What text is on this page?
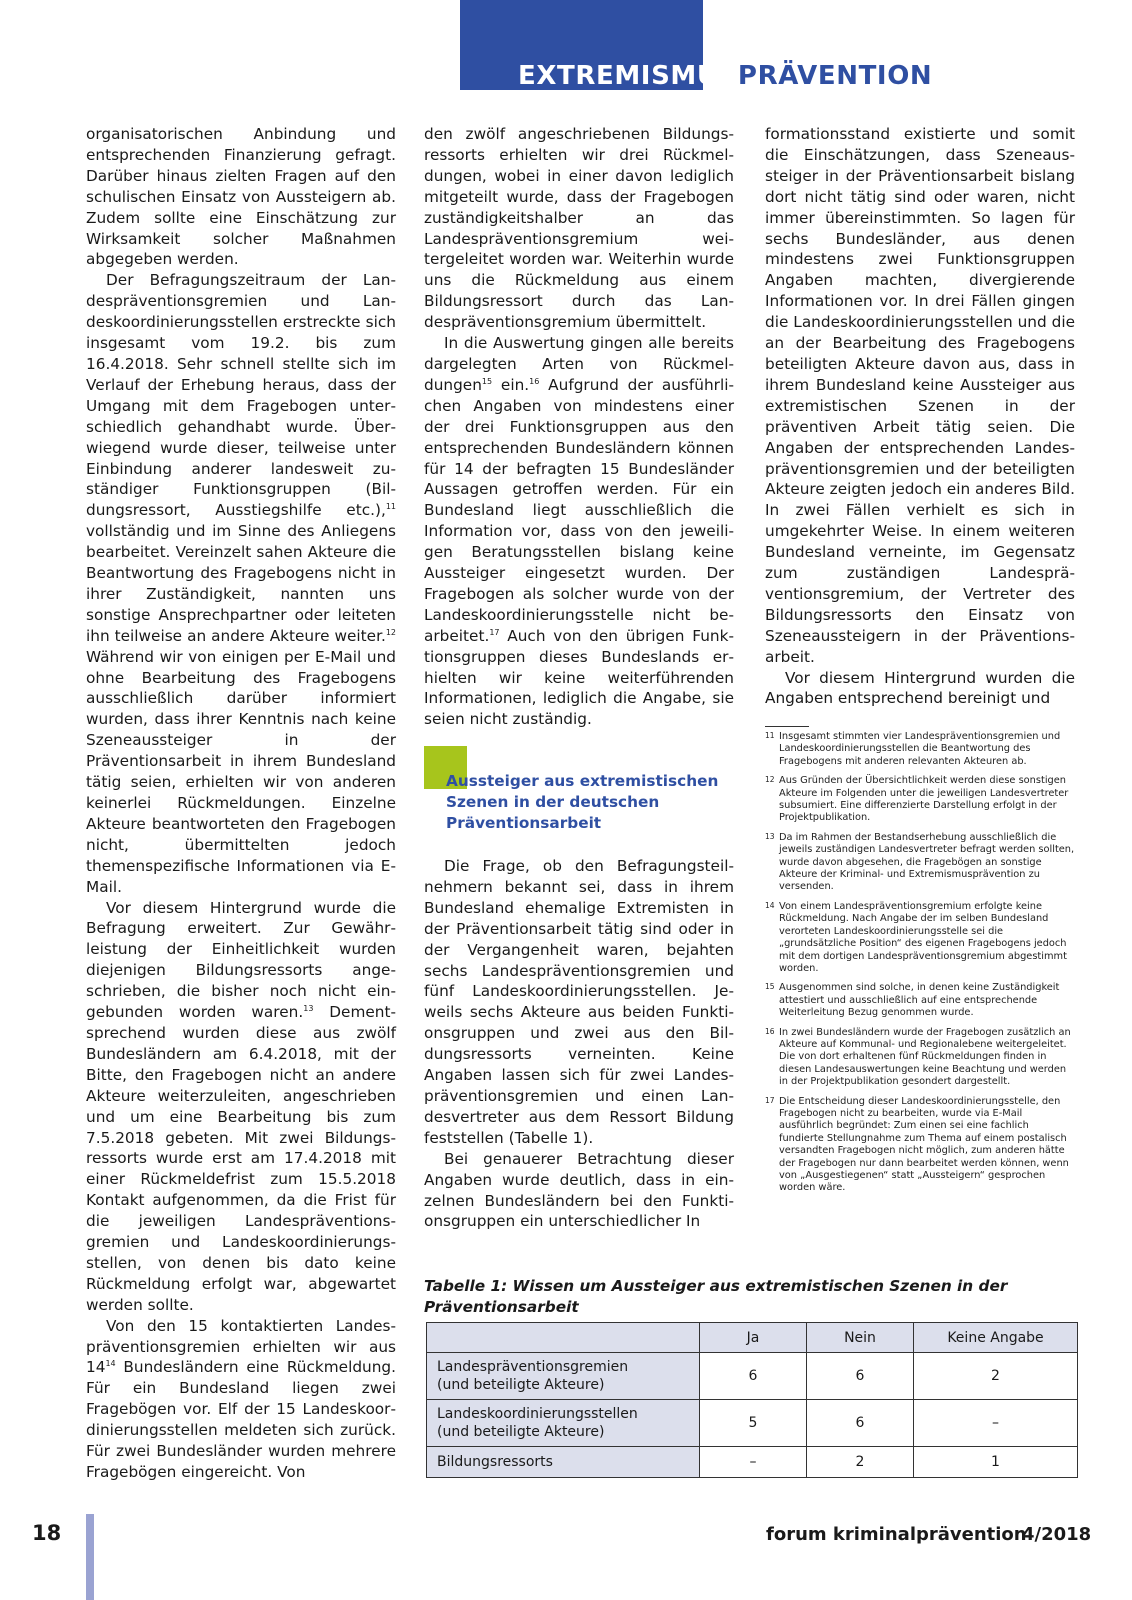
EXTREMISMUSPRÄVENTION

organisatorischen Anbindung und entsprechenden Finanzierung gefragt. Darüber hinaus zielten Fragen auf den schulischen Einsatz von Aussteigern ab. Zudem sollte eine Einschätzung zur Wirksamkeit solcher Maßnahmen abgegeben werden.

Der Befragungszeitraum der Landespräventionsgremien und Landeskoordinierungsstellen erstreckte sich insgesamt vom 19.2. bis zum 16.4.2018. Sehr schnell stellte sich im Verlauf der Erhebung heraus, dass der Umgang mit dem Fragebogen unterschiedlich gehandhabt wurde. Überwiegend wurde dieser, teilweise unter Einbindung anderer landesweit zuständiger Funktionsgruppen (Bildungsressort, Ausstiegshilfe etc.),$^{11}$ vollständig und im Sinne des Anliegens bearbeitet. Vereinzelt sahen Akteure die Beantwortung des Fragebogens nicht in ihrer Zuständigkeit, nannten uns sonstige Ansprechpartner oder leiteten ihn teilweise an andere Akteure weiter.$^{12}$ Während wir von einigen per E-Mail und ohne Bearbeitung des Fragebogens ausschließlich darüber informiert wurden, dass ihrer Kenntnis nach keine Szeneaussteiger in der Präventionsarbeit in ihrem Bundesland tätig seien, erhielten wir von anderen keinerlei Rückmeldungen. Einzelne Akteure beantworteten den Fragebogen nicht, übermittelten jedoch themenspezifische Informationen via E-Mail.

Vor diesem Hintergrund wurde die Befragung erweitert. Zur Gewährleistung der Einheitlichkeit wurden diejenigen Bildungsressorts angeschrieben, die bisher noch nicht eingebunden worden waren.$^{13}$ Dementsprechend wurden diese aus zwölf Bundesländern am 6.4.2018, mit der Bitte, den Fragebogen nicht an andere Akteure weiterzuleiten, angeschrieben und um eine Bearbeitung bis zum 7.5.2018 gebeten. Mit zwei Bildungsressorts wurde erst am 17.4.2018 mit einer Rückmeldefrist zum 15.5.2018 Kontakt aufgenommen, da die Frist für die jeweiligen Landespräventionsgremien und Landeskoordinierungsstellen, von denen bis dato keine Rückmeldung erfolgt war, abgewartet werden sollte.

Von den 15 kontaktierten Landespräventionsgremien erhielten wir aus $14^{14}$ Bundesländern eine Rückmeldung. Für ein Bundesland liegen zwei Fragebögen vor. Elf der 15 Landeskoordinierungsstellen meldeten sich zurück. Für zwei Bundesländer wurden mehrere Fragebögen eingereicht. Von

den zwölf angeschriebenen Bildungsressorts erhielten wir drei Rückmeldungen, wobei in einer davon lediglich mitgeteilt wurde, dass der Fragebogen zuständigkeitshalber an das Landespräventionsgremium weitergeleitet worden war. Weiterhin wurde uns die Rückmeldung aus einem Bildungsressort durch das Landespräventionsgremium übermittelt.

In die Auswertung gingen alle bereits dargelegten Arten von Rückmeldungen$^{15}$ ein.$^{16}$ Aufgrund der ausführlichen Angaben von mindestens einer der drei Funktionsgruppen aus den entsprechenden Bundesländern können für 14 der befragten 15 Bundesländer Aussagen getroffen werden. Für ein Bundesland liegt ausschließlich die Information vor, dass von den jeweiligen Beratungsstellen bislang keine Aussteiger eingesetzt wurden. Der Fragebogen als solcher wurde von der Landeskoordinierungsstelle nicht bearbeitet.$^{17}$ Auch von den übrigen Funktionsgruppen dieses Bundeslands erhielten wir keine weiterführenden Informationen, lediglich die Angabe, sie seien nicht zuständig.

Aussteiger aus extremistischen Szenen in der deutschen Präventionsarbeit

Die Frage, ob den Befragungsteilnehmern bekannt sei, dass in ihrem Bundesland ehemalige Extremisten in der Präventionsarbeit tätig sind oder in der Vergangenheit waren, bejahten sechs Landespräventionsgremien und fünf Landeskoordinierungsstellen. Jeweils sechs Akteure aus beiden Funktionsgruppen und zwei aus den Bildungsressorts verneinten. Keine Angaben lassen sich für zwei Landespräventionsgremien und einen Landesvertreter aus dem Ressort Bildung feststellen (Tabelle 1).

Bei genauerer Betrachtung dieser Angaben wurde deutlich, dass in einzelnen Bundesländern bei den Funktionsgruppen ein unterschiedlicher In

formationsstand existierte und somit die Einschätzungen, dass Szeneaussteiger in der Präventionsarbeit bislang dort nicht tätig sind oder waren, nicht immer übereinstimmten. So lagen für sechs Bundesländer, aus denen mindestens zwei Funktionsgruppen Angaben machten, divergierende Informationen vor. In drei Fällen gingen die Landeskoordinierungsstellen und die an der Bearbeitung des Fragebogens beteiligten Akteure davon aus, dass in ihrem Bundesland keine Aussteiger aus extremistischen Szenen in der präventiven Arbeit tätig seien. Die Angaben der entsprechenden Landespräventionsgremien und der beteiligten Akteure zeigten jedoch ein anderes Bild. In zwei Fällen verhielt es sich in umgekehrter Weise. In einem weiteren Bundesland verneinte, im Gegensatz zum zuständigen Landespräventionsgremium, der Vertreter des Bildungsressorts den Einsatz von Szeneaussteigern in der Präventionsarbeit.

Vor diesem Hintergrund wurden die Angaben entsprechend bereinigt und

11 Insgesamt stimmten vier Landespräventionsgremien und Landeskoordinierungsstellen die Beantwortung des Fragebogens mit anderen relevanten Akteuren ab.
12 Aus Gründen der Übersichtlichkeit werden diese sonstigen Akteure im Folgenden unter die jeweiligen Landesvertreter subsumiert. Eine differenzierte Darstellung erfolgt in der Projektpublikation.
13 Da im Rahmen der Bestandserhebung ausschließlich die jeweils zuständigen Landesvertreter befragt werden sollten, wurde davon abgesehen, die Fragebögen an sonstige Akteure der Kriminal- und Extremismusprävention zu versenden.
14 Von einem Landespräventionsgremium erfolgte keine Rückmeldung. Nach Angabe der im selben Bundesland verorteten Landeskoordinierungsstelle sei die „grundsätzliche Position“ des eigenen Fragebogens jedoch mit dem dortigen Landespräventionsgremium abgestimmt worden.
15 Ausgenommen sind solche, in denen keine Zuständigkeit attestiert und ausschließlich auf eine entsprechende Weiterleitung Bezug genommen wurde.
16 In zwei Bundesländern wurde der Fragebogen zusätzlich an Akteure auf Kommunal- und Regionalebene weitergeleitet. Die von dort erhaltenen fünf Rückmeldungen finden in diesen Landesauswertungen keine Beachtung und werden in der Projektpublikation gesondert dargestellt.
17 Die Entscheidung dieser Landeskoordinierungsstelle, den Fragebogen nicht zu bearbeiten, wurde via E-Mail ausführlich begründet: Zum einen sei eine fachlich fundierte Stellungnahme zum Thema auf einem postalisch versandten Fragebogen nicht möglich, zum anderen hätte der Fragebogen nur dann bearbeitet werden können, wenn von „Ausgestiegenen“ statt „Aussteigern“ gesprochen worden wäre.
Tabelle 1: Wissen um Aussteiger aus extremistischen Szenen in der Präventionsarbeit
	Ja	Nein	Keine Angabe
Landespräventionsgremien
(und beteiligte Akteure)	6	6	2
Landeskoordinierungsstellen
(und beteiligte Akteure)	5	6	–
Bildungsressorts	–	2	1
18	forum kriminalprävention
4/2018
